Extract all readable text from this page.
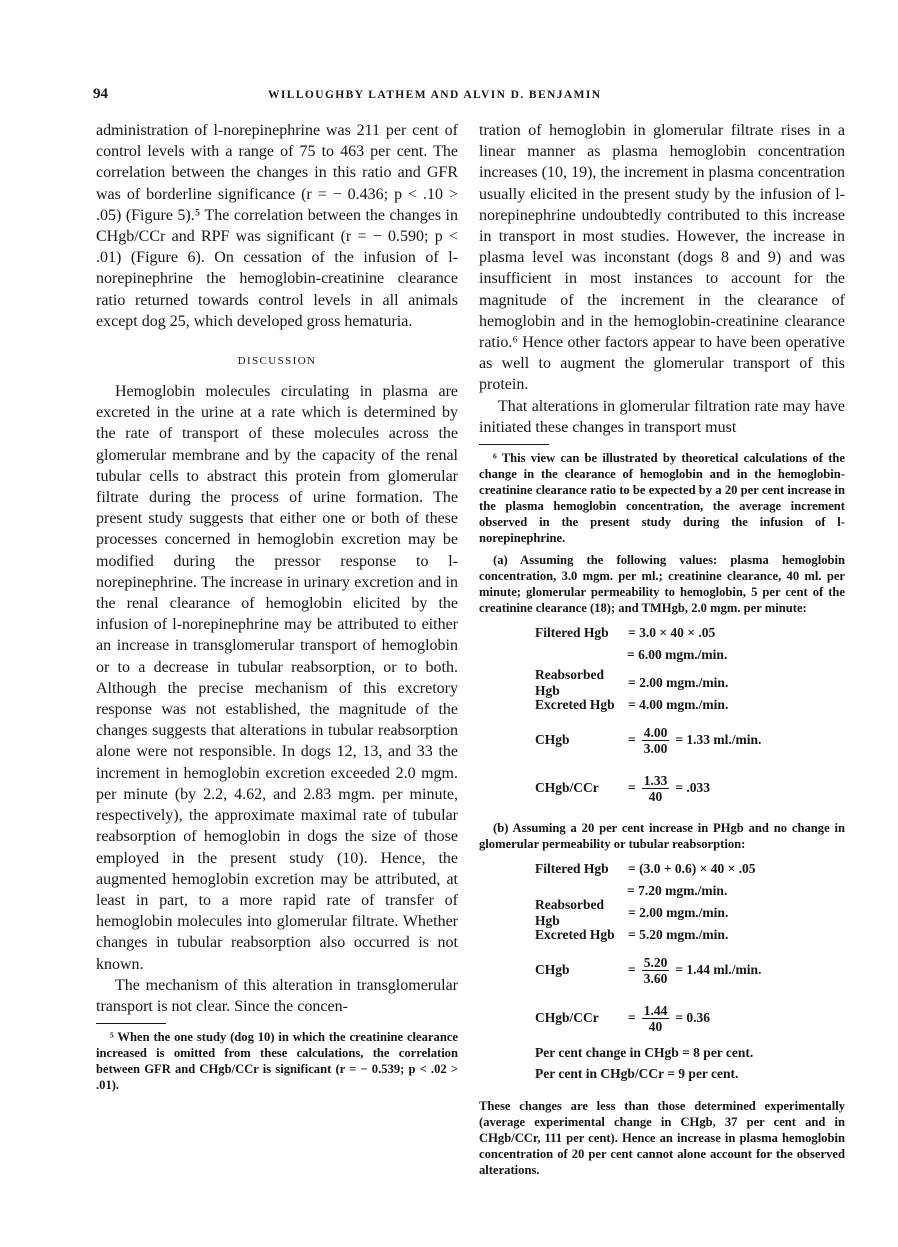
94	WILLOUGHBY LATHEM AND ALVIN D. BENJAMIN

administration of l-norepinephrine was 211 per cent of control levels with a range of 75 to 463 per cent. The correlation between the changes in this ratio and GFR was of borderline significance (r = − 0.436; p < .10 > .05) (Figure 5).⁵ The correlation between the changes in CHgb/CCr and RPF was significant (r = − 0.590; p < .01) (Figure 6). On cessation of the infusion of l-norepinephrine the hemoglobin-creatinine clearance ratio returned towards control levels in all animals except dog 25, which developed gross hematuria.

DISCUSSION

Hemoglobin molecules circulating in plasma are excreted in the urine at a rate which is determined by the rate of transport of these molecules across the glomerular membrane and by the capacity of the renal tubular cells to abstract this protein from glomerular filtrate during the process of urine formation. The present study suggests that either one or both of these processes concerned in hemoglobin excretion may be modified during the pressor response to l-norepinephrine. The increase in urinary excretion and in the renal clearance of hemoglobin elicited by the infusion of l-norepinephrine may be attributed to either an increase in transglomerular transport of hemoglobin or to a decrease in tubular reabsorption, or to both. Although the precise mechanism of this excretory response was not established, the magnitude of the changes suggests that alterations in tubular reabsorption alone were not responsible. In dogs 12, 13, and 33 the increment in hemoglobin excretion exceeded 2.0 mgm. per minute (by 2.2, 4.62, and 2.83 mgm. per minute, respectively), the approximate maximal rate of tubular reabsorption of hemoglobin in dogs the size of those employed in the present study (10). Hence, the augmented hemoglobin excretion may be attributed, at least in part, to a more rapid rate of transfer of hemoglobin molecules into glomerular filtrate. Whether changes in tubular reabsorption also occurred is not known.

The mechanism of this alteration in transglomerular transport is not clear. Since the concen-

⁵ When the one study (dog 10) in which the creatinine clearance increased is omitted from these calculations, the correlation between GFR and CHgb/CCr is significant (r = − 0.539; p < .02 > .01).

tration of hemoglobin in glomerular filtrate rises in a linear manner as plasma hemoglobin concentration increases (10, 19), the increment in plasma concentration usually elicited in the present study by the infusion of l-norepinephrine undoubtedly contributed to this increase in transport in most studies. However, the increase in plasma level was inconstant (dogs 8 and 9) and was insufficient in most instances to account for the magnitude of the increment in the clearance of hemoglobin and in the hemoglobin-creatinine clearance ratio.⁶ Hence other factors appear to have been operative as well to augment the glomerular transport of this protein.

That alterations in glomerular filtration rate may have initiated these changes in transport must

⁶ This view can be illustrated by theoretical calculations of the change in the clearance of hemoglobin and in the hemoglobin-creatinine clearance ratio to be expected by a 20 per cent increase in the plasma hemoglobin concentration, the average increment observed in the present study during the infusion of l-norepinephrine.

(a) Assuming the following values: plasma hemoglobin concentration, 3.0 mgm. per ml.; creatinine clearance, 40 ml. per minute; glomerular permeability to hemoglobin, 5 per cent of the creatinine clearance (18); and TMHgb, 2.0 mgm. per minute:

Filtered Hgb	= 3.0 × 40 × .05
= 6.00 mgm./min.
Reabsorbed Hgb
= 2.00 mgm./min.
Excreted Hgb = 4.00 mgm./min.
CHgb	= $\frac{4.00}{3.00} = 1.33$ ml./min.
CHgb/CCr	= $\frac{1.33}{40} = .033$

(b) Assuming a 20 per cent increase in PHgb and no change in glomerular permeability or tubular reabsorption:

Filtered Hgb	= (3.0 + 0.6) × 40 × .05
= 7.20 mgm./min.
Reabsorbed Hgb
= 2.00 mgm./min.
Excreted Hgb = 5.20 mgm./min.
CHgb	= $\frac{5.20}{3.60} = 1.44$ ml./min.
CHgb/CCr	= $\frac{1.44}{40} = 0.36$
Per cent change in CHgb = 8 per cent.
Per cent in CHgb/CCr = 9 per cent.

These changes are less than those determined experimentally (average experimental change in CHgb, 37 per cent and in CHgb/CCr, 111 per cent). Hence an increase in plasma hemoglobin concentration of 20 per cent cannot alone account for the observed alterations.
